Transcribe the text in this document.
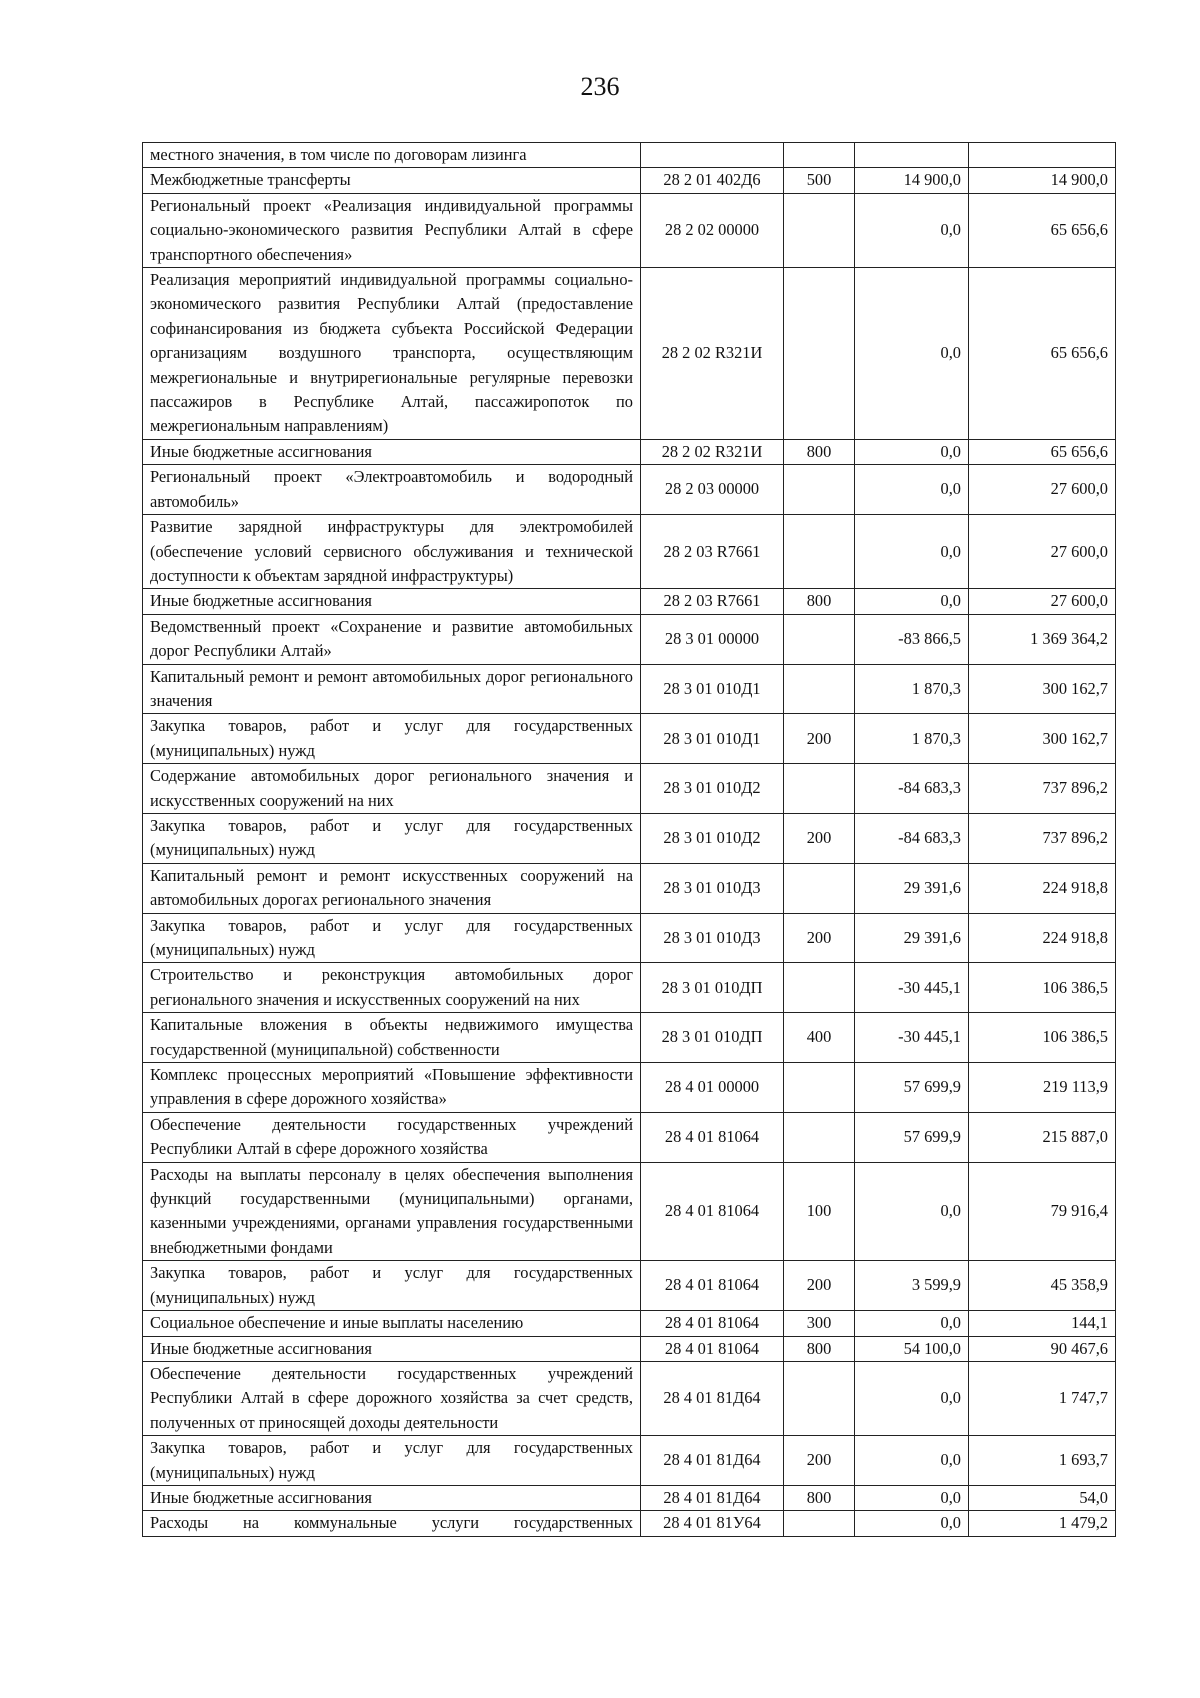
236
местного значения, в том числе по договорам лизинга				
Межбюджетные трансферты	28 2 01 402Д6	500	14 900,0	14 900,0
Региональный проект «Реализация индивидуальной программы социально-экономического развития Республики Алтай в сфере транспортного обеспечения»	28 2 02 00000		0,0	65 656,6
Реализация мероприятий индивидуальной программы социально-экономического развития Республики Алтай (предоставление софинансирования из бюджета субъекта Российской Федерации организациям воздушного транспорта, осуществляющим межрегиональные и внутрирегиональные регулярные перевозки пассажиров в Республике Алтай, пассажиропоток по межрегиональным направлениям)	28 2 02 R321И		0,0	65 656,6
Иные бюджетные ассигнования	28 2 02 R321И	800	0,0	65 656,6
Региональный проект «Электроавтомобиль и водородный автомобиль»	28 2 03 00000		0,0	27 600,0
Развитие зарядной инфраструктуры для электромобилей (обеспечение условий сервисного обслуживания и технической доступности к объектам зарядной инфраструктуры)	28 2 03 R7661		0,0	27 600,0
Иные бюджетные ассигнования	28 2 03 R7661	800	0,0	27 600,0
Ведомственный проект «Сохранение и развитие автомобильных дорог Республики Алтай»	28 3 01 00000		-83 866,5	1 369 364,2
Капитальный ремонт и ремонт автомобильных дорог регионального значения	28 3 01 010Д1		1 870,3	300 162,7
Закупка товаров, работ и услуг для государственных (муниципальных) нужд	28 3 01 010Д1	200	1 870,3	300 162,7
Содержание автомобильных дорог регионального значения и искусственных сооружений на них	28 3 01 010Д2		-84 683,3	737 896,2
Закупка товаров, работ и услуг для государственных (муниципальных) нужд	28 3 01 010Д2	200	-84 683,3	737 896,2
Капитальный ремонт и ремонт искусственных сооружений на автомобильных дорогах регионального значения	28 3 01 010Д3		29 391,6	224 918,8
Закупка товаров, работ и услуг для государственных (муниципальных) нужд	28 3 01 010Д3	200	29 391,6	224 918,8
Строительство и реконструкция автомобильных дорог регионального значения и искусственных сооружений на них	28 3 01 010ДП		-30 445,1	106 386,5
Капитальные вложения в объекты недвижимого имущества государственной (муниципальной) собственности	28 3 01 010ДП	400	-30 445,1	106 386,5
Комплекс процессных мероприятий «Повышение эффективности управления в сфере дорожного хозяйства»	28 4 01 00000		57 699,9	219 113,9
Обеспечение деятельности государственных учреждений Республики Алтай в сфере дорожного хозяйства	28 4 01 81064		57 699,9	215 887,0
Расходы на выплаты персоналу в целях обеспечения выполнения функций государственными (муниципальными) органами, казенными учреждениями, органами управления государственными внебюджетными фондами	28 4 01 81064	100	0,0	79 916,4
Закупка товаров, работ и услуг для государственных (муниципальных) нужд	28 4 01 81064	200	3 599,9	45 358,9
Социальное обеспечение и иные выплаты населению	28 4 01 81064	300	0,0	144,1
Иные бюджетные ассигнования	28 4 01 81064	800	54 100,0	90 467,6
Обеспечение деятельности государственных учреждений Республики Алтай в сфере дорожного хозяйства за счет средств, полученных от приносящей доходы деятельности	28 4 01 81Д64		0,0	1 747,7
Закупка товаров, работ и услуг для государственных (муниципальных) нужд	28 4 01 81Д64	200	0,0	1 693,7
Иные бюджетные ассигнования	28 4 01 81Д64	800	0,0	54,0
Расходы на коммунальные услуги государственных	28 4 01 81У64		0,0	1 479,2
